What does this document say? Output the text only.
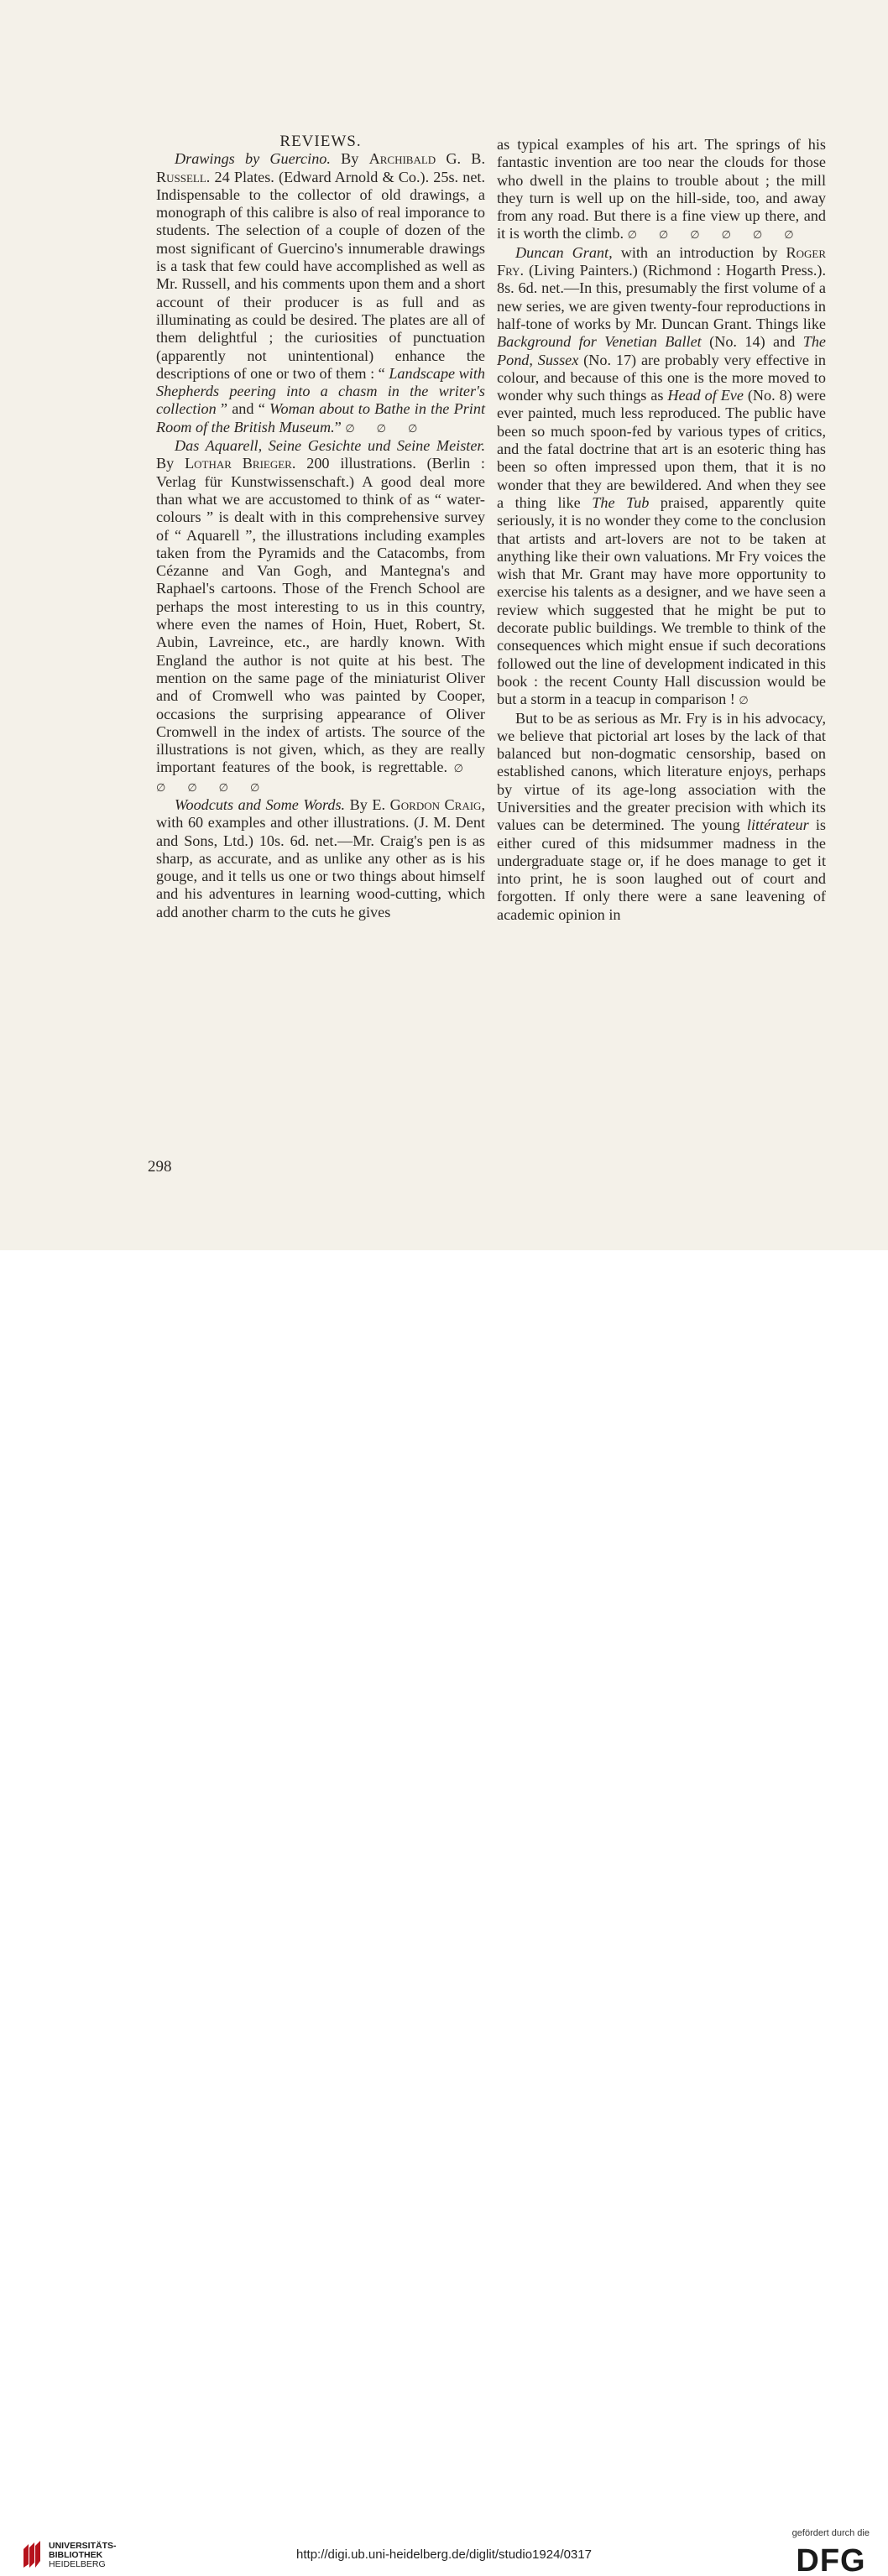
REVIEWS.

Drawings by Guercino. By Archibald G. B. Russell. 24 Plates. (Edward Arnold & Co.). 25s. net. Indispensable to the collector of old drawings, a monograph of this calibre is also of real imporance to students. The selection of a couple of dozen of the most significant of Guercino's innumerable drawings is a task that few could have accomplished as well as Mr. Russell, and his comments upon them and a short account of their producer is as full and as illuminating as could be desired. The plates are all of them delightful ; the curiosities of punctuation (apparently not unintentional) enhance the descriptions of one or two of them : “ Landscape with Shepherds peering into a chasm in the writer's collection ” and “ Woman about to Bathe in the Print Room of the British Museum.” ∅  ∅  ∅

Das Aquarell, Seine Gesichte und Seine Meister. By Lothar Brieger. 200 illustrations. (Berlin : Verlag für Kunstwissenschaft.) A good deal more than what we are accustomed to think of as “ water-colours ” is dealt with in this comprehensive survey of “ Aquarell ”, the illustrations including examples taken from the Pyramids and the Catacombs, from Cézanne and Van Gogh, and Mantegna's and Raphael's cartoons. Those of the French School are perhaps the most interesting to us in this country, where even the names of Hoin, Huet, Robert, St. Aubin, Lavreince, etc., are hardly known. With England the author is not quite at his best. The mention on the same page of the miniaturist Oliver and of Cromwell who was painted by Cooper, occasions the surprising appearance of Oliver Cromwell in the index of artists. The source of the illustrations is not given, which, as they are really important features of the book, is regrettable. ∅  ∅  ∅  ∅  ∅

Woodcuts and Some Words. By E. Gordon Craig, with 60 examples and other illustrations. (J. M. Dent and Sons, Ltd.) 10s. 6d. net.—Mr. Craig's pen is as sharp, as accurate, and as unlike any other as is his gouge, and it tells us one or two things about himself and his adventures in learning wood-cutting, which add another charm to the cuts he gives

as typical examples of his art. The springs of his fantastic invention are too near the clouds for those who dwell in the plains to trouble about ; the mill they turn is well up on the hill-side, too, and away from any road. But there is a fine view up there, and it is worth the climb. ∅  ∅  ∅  ∅  ∅  ∅

Duncan Grant, with an introduction by Roger Fry. (Living Painters.) (Richmond : Hogarth Press.). 8s. 6d. net.—In this, presumably the first volume of a new series, we are given twenty-four reproductions in half-tone of works by Mr. Duncan Grant. Things like Background for Venetian Ballet (No. 14) and The Pond, Sussex (No. 17) are probably very effective in colour, and because of this one is the more moved to wonder why such things as Head of Eve (No. 8) were ever painted, much less reproduced. The public have been so much spoon-fed by various types of critics, and the fatal doctrine that art is an esoteric thing has been so often impressed upon them, that it is no wonder that they are bewildered. And when they see a thing like The Tub praised, apparently quite seriously, it is no wonder they come to the conclusion that artists and art-lovers are not to be taken at anything like their own valuations. Mr Fry voices the wish that Mr. Grant may have more opportunity to exercise his talents as a designer, and we have seen a review which suggested that he might be put to decorate public buildings. We tremble to think of the consequences which might ensue if such decorations followed out the line of development indicated in this book : the recent County Hall discussion would be but a storm in a teacup in comparison ! ∅

But to be as serious as Mr. Fry is in his advocacy, we believe that pictorial art loses by the lack of that balanced but non-dogmatic censorship, based on established canons, which literature enjoys, perhaps by virtue of its age-long association with the Universities and the greater precision with which its values can be determined. The young littérateur is either cured of this midsummer madness in the undergraduate stage or, if he does manage to get it into print, he is soon laughed out of court and forgotten. If only there were a sane leavening of academic opinion in

298
UNIVERSITÄTS-
BIBLIOTHEK
HEIDELBERG
http://digi.ub.uni-heidelberg.de/diglit/studio1924/0317
gefördert durch die
DFG
